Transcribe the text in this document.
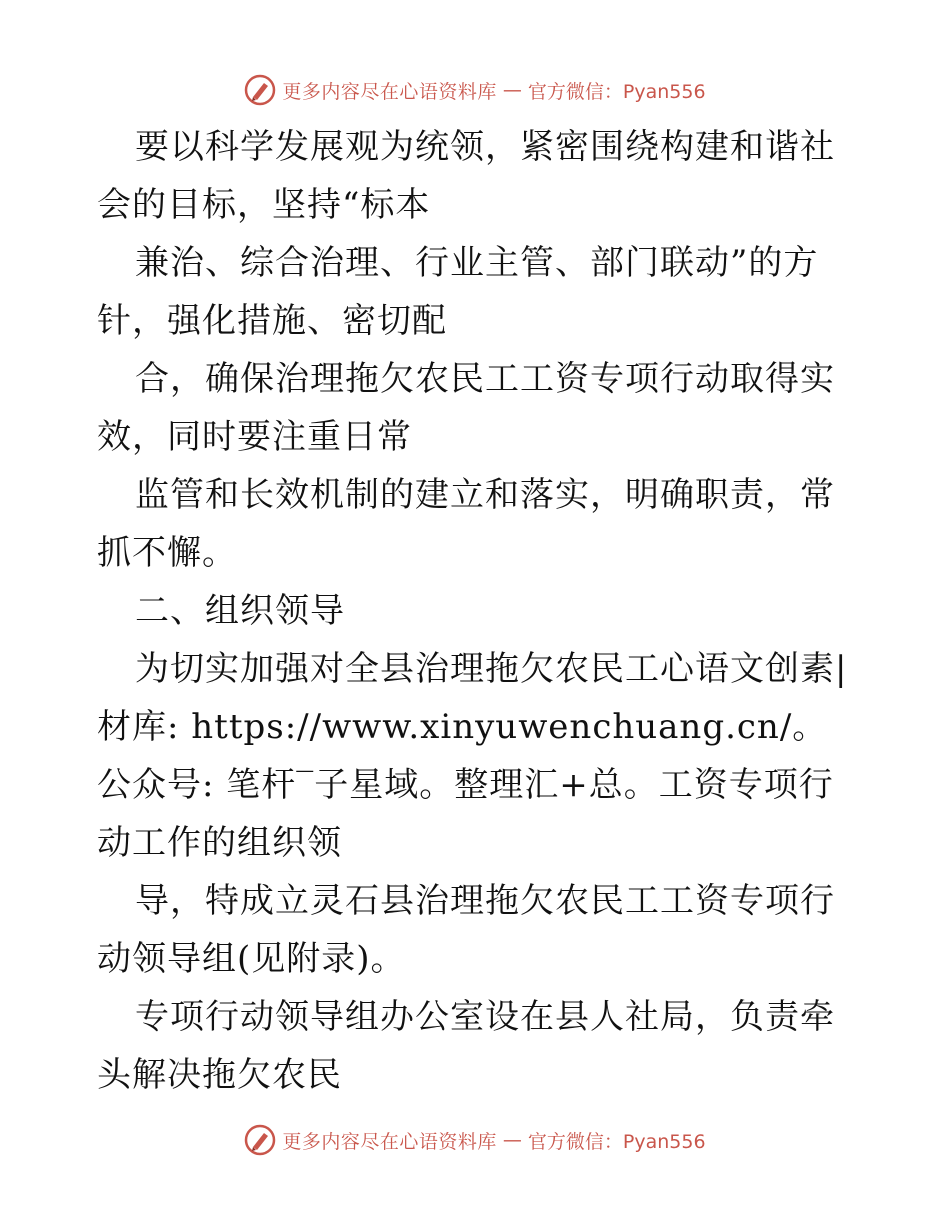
更多内容尽在心语资料库 — 官方微信：Pyan556

要以科学发展观为统领，紧密围绕构建和谐社会的目标，坚持“标本

兼治、综合治理、行业主管、部门联动”的方针，强化措施、密切配

合，确保治理拖欠农民工工资专项行动取得实效，同时要注重日常

监管和长效机制的建立和落实，明确职责，常抓不懈。

二、组织领导

为切实加强对全县治理拖欠农民工心语文创素|材库: https://www.xinyuwenchuang.cn/。公众号: 笔杆‾子星域。整理汇+总。工资专项行动工作的组织领

导，特成立灵石县治理拖欠农民工工资专项行动领导组(见附录)。

专项行动领导组办公室设在县人社局，负责牵头解决拖欠农民

更多内容尽在心语资料库 — 官方微信：Pyan556
